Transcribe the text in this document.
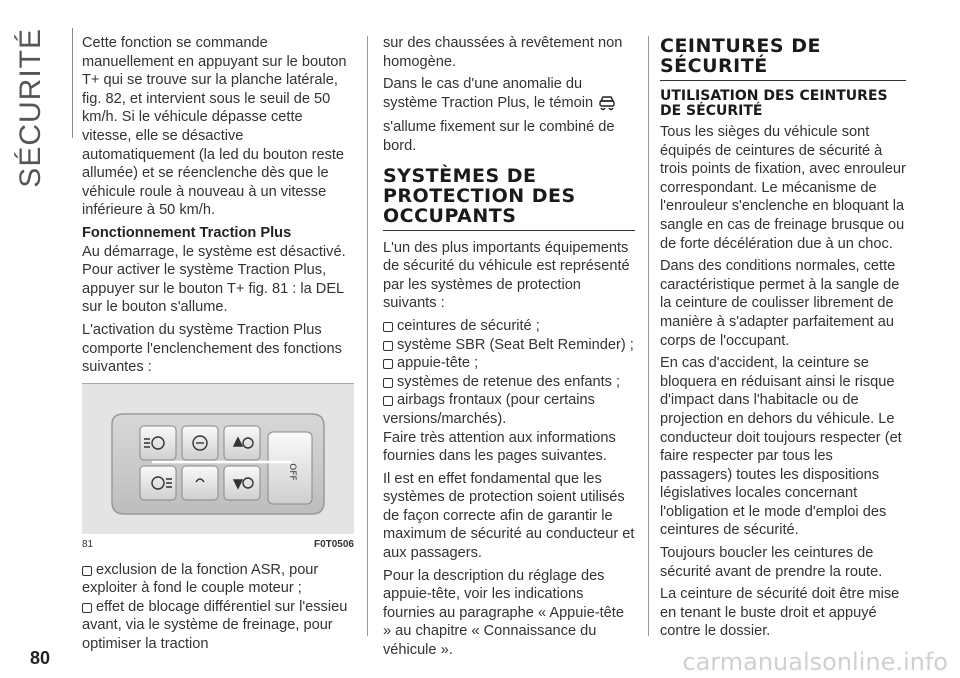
SÉCURITÉ Cette fonction se commande manuellement en appuyant sur le bouton T+ qui se trouve sur la planche latérale, fig. 82, et intervient sous le seuil de 50 km/h. Si le véhicule dépasse cette vitesse, elle se désactive automatiquement (la led du bouton reste allumée) et se réenclenche dès que le véhicule roule à nouveau à un vitesse inférieure à 50 km/h.

Fonctionnement Traction Plus

Au démarrage, le système est désactivé. Pour activer le système Traction Plus, appuyer sur le bouton T+ fig. 81 : la DEL sur le bouton s'allume.

L'activation du système Traction Plus comporte l'enclenchement des fonctions suivantes :

OFF
81	F0T0506
exclusion de la fonction ASR, pour exploiter à fond le couple moteur ;
effet de blocage différentiel sur l'essieu avant, via le système de freinage, pour optimiser la traction

sur des chaussées à revêtement non homogène.

Dans le cas d'une anomalie du système Traction Plus, le témoin  s'allume fixement sur le combiné de bord.

SYSTÈMES DE PROTECTION DES OCCUPANTS

L'un des plus importants équipements de sécurité du véhicule est représenté par les systèmes de protection suivants :

ceintures de sécurité ;
système SBR (Seat Belt Reminder) ;
appuie-tête ;
systèmes de retenue des enfants ;
airbags frontaux (pour certains versions/marchés).

Faire très attention aux informations fournies dans les pages suivantes.

Il est en effet fondamental que les systèmes de protection soient utilisés de façon correcte afin de garantir le maximum de sécurité au conducteur et aux passagers.

Pour la description du réglage des appuie-tête, voir les indications fournies au paragraphe « Appuie-tête » au chapitre « Connaissance du véhicule ».

CEINTURES DE SÉCURITÉ
UTILISATION DES CEINTURES DE SÉCURITÉ

Tous les sièges du véhicule sont équipés de ceintures de sécurité à trois points de fixation, avec enrouleur correspondant. Le mécanisme de l'enrouleur s'enclenche en bloquant la sangle en cas de freinage brusque ou de forte décélération due à un choc.

Dans des conditions normales, cette caractéristique permet à la sangle de la ceinture de coulisser librement de manière à s'adapter parfaitement au corps de l'occupant.

En cas d'accident, la ceinture se bloquera en réduisant ainsi le risque d'impact dans l'habitacle ou de projection en dehors du véhicule. Le conducteur doit toujours respecter (et faire respecter par tous les passagers) toutes les dispositions législatives locales concernant l'obligation et le mode d'emploi des ceintures de sécurité.

Toujours boucler les ceintures de sécurité avant de prendre la route.

La ceinture de sécurité doit être mise en tenant le buste droit et appuyé contre le dossier.

80	carmanualsonline.info
